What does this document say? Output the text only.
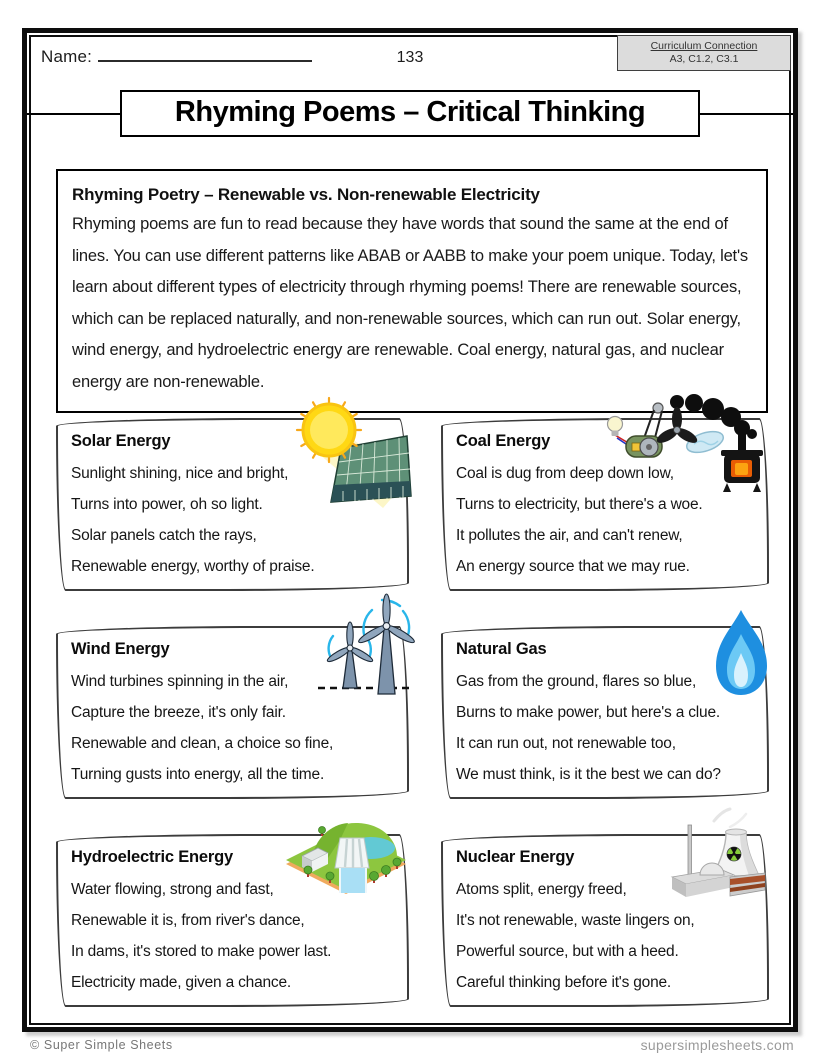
Name:	133
Curriculum Connection
A3, C1.2, C3.1
Rhyming Poems – Critical Thinking
Rhyming Poetry – Renewable vs. Non-renewable Electricity
Rhyming poems are fun to read because they have words that sound the same at the end of lines. You can use different patterns like ABAB or AABB to make your poem unique. Today, let's learn about different types of electricity through rhyming poems! There are renewable sources, which can be replaced naturally, and non-renewable sources, which can run out. Solar energy, wind energy, and hydroelectric energy are renewable. Coal energy, natural gas, and nuclear energy are non-renewable.
Solar Energy
Sunlight shining, nice and bright,
Turns into power, oh so light.
Solar panels catch the rays,
Renewable energy, worthy of praise.
Coal Energy
Coal is dug from deep down low,
Turns to electricity, but there's a woe.
It pollutes the air, and can't renew,
An energy source that we may rue.
Wind Energy
Wind turbines spinning in the air,
Capture the breeze, it's only fair.
Renewable and clean, a choice so fine,
Turning gusts into energy, all the time.
Natural Gas
Gas from the ground, flares so blue,
Burns to make power, but here's a clue.
It can run out, not renewable too,
We must think, is it the best we can do?
Hydroelectric Energy
Water flowing, strong and fast,
Renewable it is, from river's dance,
In dams, it's stored to make power last.
Electricity made, given a chance.
Nuclear Energy
Atoms split, energy freed,
It's not renewable, waste lingers on,
Powerful source, but with a heed.
Careful thinking before it's gone.
© Super Simple Sheets	supersimplesheets.com
